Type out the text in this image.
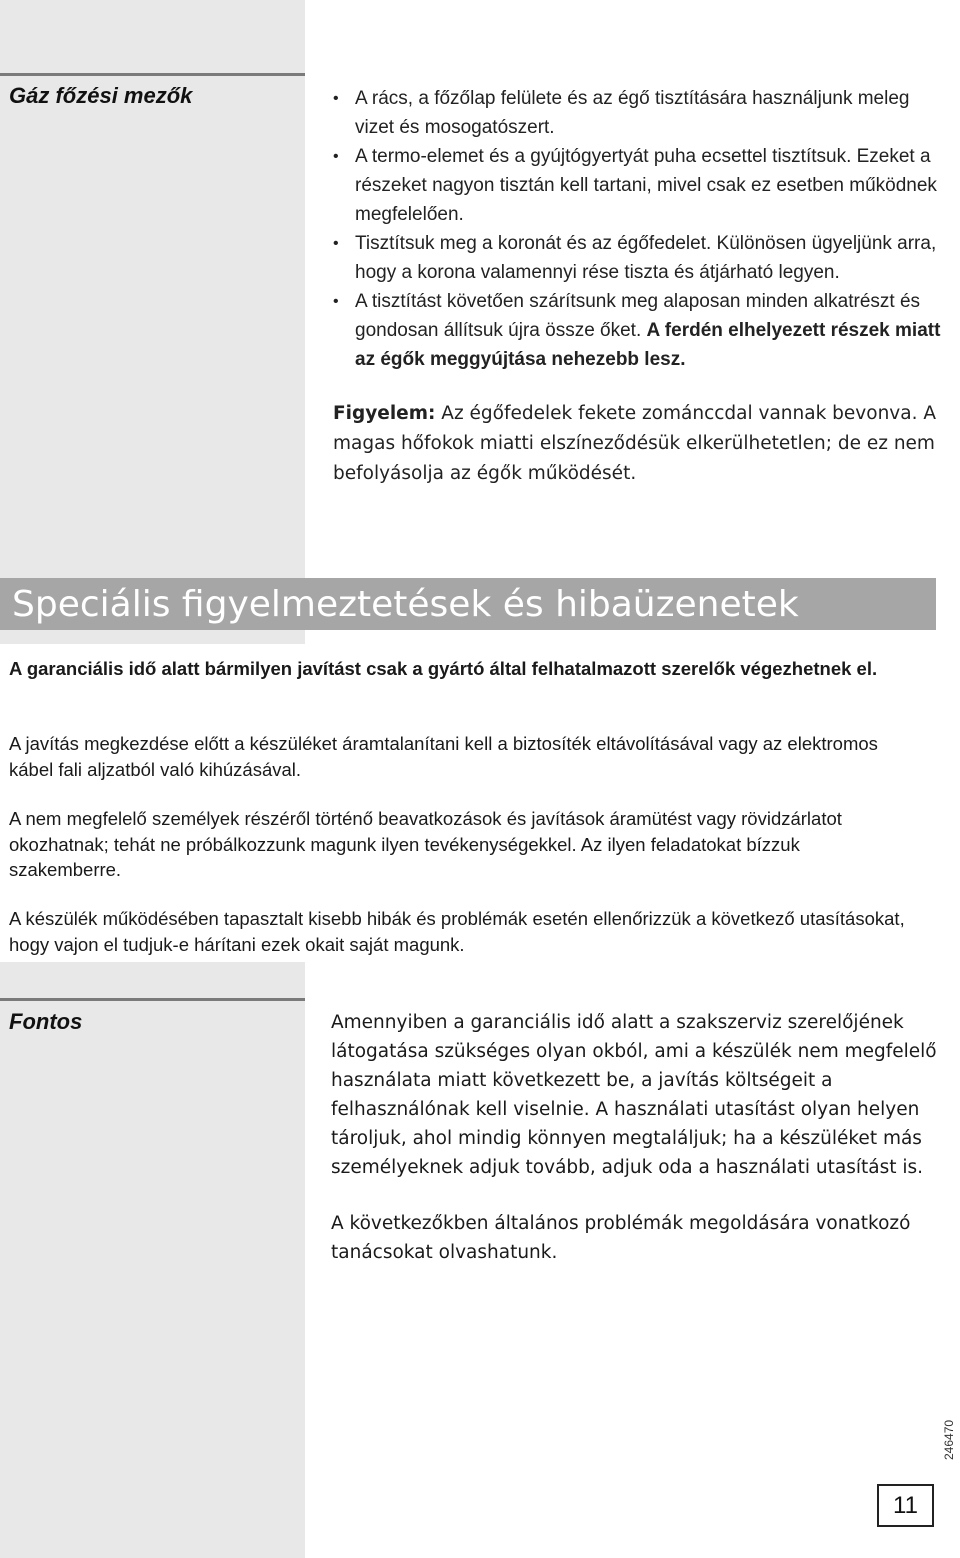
Gáz főzési mezők
•	A rács, a főzőlap felülete és az égő tisztítására használjunk meleg vizet és mosogatószert.
• A termo-elemet és a gyújtógyertyát puha ecsettel tisztítsuk. Ezeket a részeket nagyon tisztán kell tartani, mivel csak ez esetben működnek megfelelően.
• Tisztítsuk meg a koronát és az égőfedelet. Különösen ügyeljünk arra, hogy a korona valamennyi rése tiszta és átjárható legyen.
• A tisztítást követően szárítsunk meg alaposan minden alkatrészt és gondosan állítsuk újra össze őket. A ferdén elhelyezett részek miatt az égők meggyújtása nehezebb lesz.
Figyelem: Az égőfedelek fekete zománccdal vannak bevonva. A magas hőfokok miatti elszíneződésük elkerülhetetlen; de ez nem befolyásolja az égők működését.
Speciális figyelmeztetések és hibaüzenetek

A garanciális idő alatt bármilyen javítást csak a gyártó által felhatalmazott szerelők végezhetnek el.

A javítás megkezdése előtt a készüléket áramtalanítani kell a biztosíték eltávolításával vagy az elektromos kábel fali aljzatból való kihúzásával.

A nem megfelelő személyek részéről történő beavatkozások és javítások áramütést vagy rövidzárlatot okozhatnak; tehát ne próbálkozzunk magunk ilyen tevékenységekkel. Az ilyen feladatokat bízzuk szakemberre.

A készülék működésében tapasztalt kisebb hibák és problémák esetén ellenőrizzük a következő utasításokat, hogy vajon el tudjuk-e hárítani ezek okait saját magunk.

Fontos	Amennyiben a garanciális idő alatt a szakszerviz szerelőjének látogatása szükséges olyan okból, ami a készülék nem megfelelő használata miatt következett be, a javítás költségeit a felhasználónak kell viselnie. A használati utasítást olyan helyen tároljuk, ahol mindig könnyen megtaláljuk; ha a készüléket más személyeknek adjuk tovább, adjuk oda a használati utasítást is.

A következőkben általános problémák megoldására vonatkozó tanácsokat olvashatunk.

246470
11
